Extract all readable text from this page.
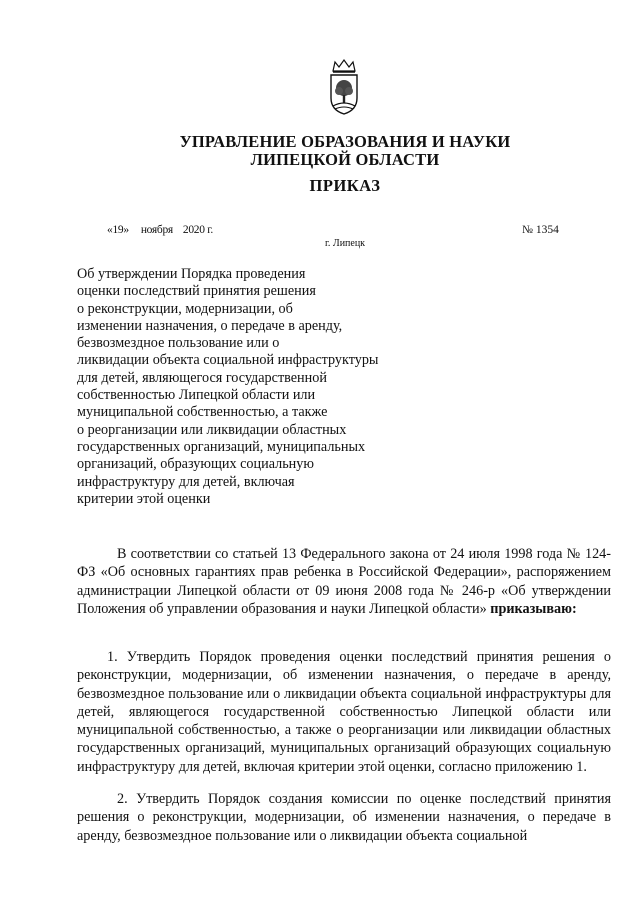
УПРАВЛЕНИЕ ОБРАЗОВАНИЯ И НАУКИ
ЛИПЕЦКОЙ ОБЛАСТИ
ПРИКАЗ
«19» ноября 2020 г.	№ 1354
г. Липецк
Об утверждении Порядка проведения
оценки последствий принятия решения
о реконструкции, модернизации, об
изменении назначения, о передаче в аренду,
безвозмездное пользование или о
ликвидации объекта социальной инфраструктуры
для детей, являющегося государственной
собственностью Липецкой области или
муниципальной собственностью, а также
о реорганизации или ликвидации областных
государственных организаций, муниципальных
организаций, образующих социальную
инфраструктуру для детей, включая
критерии этой оценки
В соответствии со статьей 13 Федерального закона от 24 июля 1998 года № 124-ФЗ «Об основных гарантиях прав ребенка в Российской Федерации», распоряжением администрации Липецкой области от 09 июня 2008 года № 246-р «Об утверждении Положения об управлении образования и науки Липецкой области» приказываю:
1. Утвердить Порядок проведения оценки последствий принятия решения о реконструкции, модернизации, об изменении назначения, о передаче в аренду, безвозмездное пользование или о ликвидации объекта социальной инфраструктуры для детей, являющегося государственной собственностью Липецкой области или муниципальной собственностью, а также о реорганизации или ликвидации областных государственных организаций, муниципальных организаций образующих социальную инфраструктуру для детей, включая критерии этой оценки, согласно приложению 1.
2. Утвердить Порядок создания комиссии по оценке последствий принятия решения о реконструкции, модернизации, об изменении назначения, о передаче в аренду, безвозмездное пользование или о ликвидации объекта социальной
